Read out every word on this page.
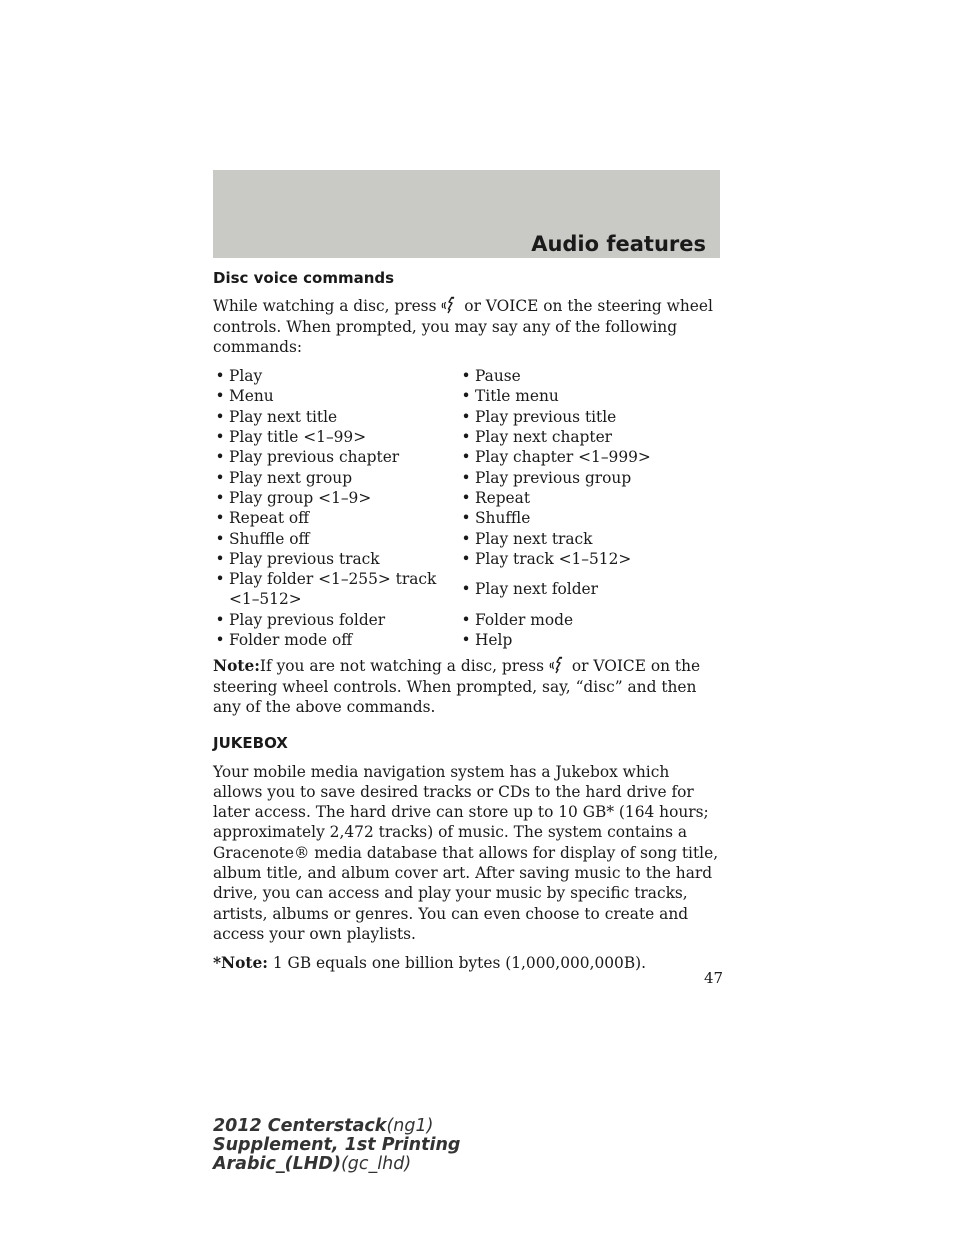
Audio features
Disc voice commands

While watching a disc, press or VOICE on the steering wheel controls. When prompted, you may say any of the following commands:

• Play	• Pause
• Menu	• Title menu
• Play next title	• Play previous title
• Play title <1–99>	• Play next chapter
• Play previous chapter	• Play chapter <1–999>
• Play next group	• Play previous group
• Play group <1–9>	• Repeat
• Repeat off	• Shuffle
• Shuffle off	• Play next track
• Play previous track	• Play track <1–512>
• Play folder <1–255> track <1–512>
• Play next folder
• Play previous folder	• Folder mode
• Folder mode off	• Help

Note:If you are not watching a disc, press or VOICE on the steering wheel controls. When prompted, say, “disc” and then any of the above commands.

JUKEBOX

Your mobile media navigation system has a Jukebox which allows you to save desired tracks or CDs to the hard drive for later access. The hard drive can store up to 10 GB* (164 hours; approximately 2,472 tracks) of music. The system contains a Gracenote® media database that allows for display of song title, album title, and album cover art. After saving music to the hard drive, you can access and play your music by specific tracks, artists, albums or genres. You can even choose to create and access your own playlists.

*Note: 1 GB equals one billion bytes (1,000,000,000B).

47
2012 Centerstack(ng1)
Supplement, 1st Printing
Arabic_(LHD)(gc_lhd)
